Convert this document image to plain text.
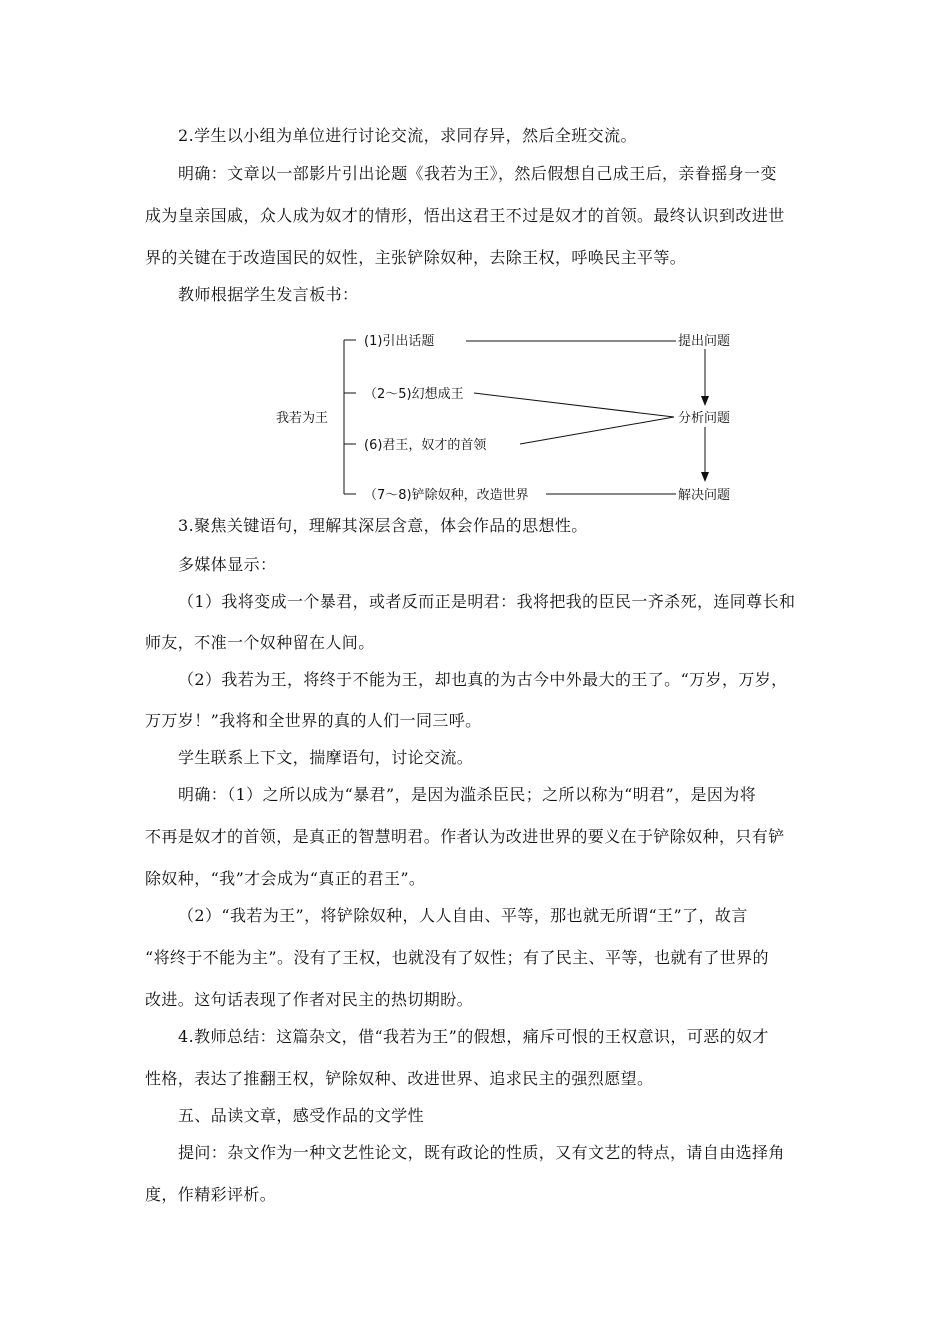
2.学生以小组为单位进行讨论交流，求同存异，然后全班交流。
明确：文章以一部影片引出论题《我若为王》，然后假想自己成王后，亲眷摇身一变
成为皇亲国戚，众人成为奴才的情形，悟出这君王不过是奴才的首领。最终认识到改进世
界的关键在于改造国民的奴性，主张铲除奴种，去除王权，呼唤民主平等。
教师根据学生发言板书：
我若为王
(1)引出话题
（2～5)幻想成王
(6)君王，奴才的首领
（7～8)铲除奴种，改造世界
提出问题
分析问题
解决问题
3.聚焦关键语句，理解其深层含意，体会作品的思想性。
多媒体显示：
（1）我将变成一个暴君，或者反而正是明君：我将把我的臣民一齐杀死，连同尊长和
师友，不准一个奴种留在人间。
（2）我若为王，将终于不能为王，却也真的为古今中外最大的王了。“万岁，万岁，
万万岁！”我将和全世界的真的人们一同三呼。
学生联系上下文，揣摩语句，讨论交流。
明确：（1）之所以成为“暴君”，是因为滥杀臣民；之所以称为“明君”，是因为将
不再是奴才的首领，是真正的智慧明君。作者认为改进世界的要义在于铲除奴种，只有铲
除奴种，“我”才会成为“真正的君王”。
（2）“我若为王”，将铲除奴种，人人自由、平等，那也就无所谓“王”了，故言
“将终于不能为主”。没有了王权，也就没有了奴性；有了民主、平等，也就有了世界的
改进。这句话表现了作者对民主的热切期盼。
4.教师总结：这篇杂文，借“我若为王”的假想，痛斥可恨的王权意识，可恶的奴才
性格，表达了推翻王权，铲除奴种、改进世界、追求民主的强烈愿望。
五、品读文章，感受作品的文学性
提问：杂文作为一种文艺性论文，既有政论的性质，又有文艺的特点，请自由选择角
度，作精彩评析。
